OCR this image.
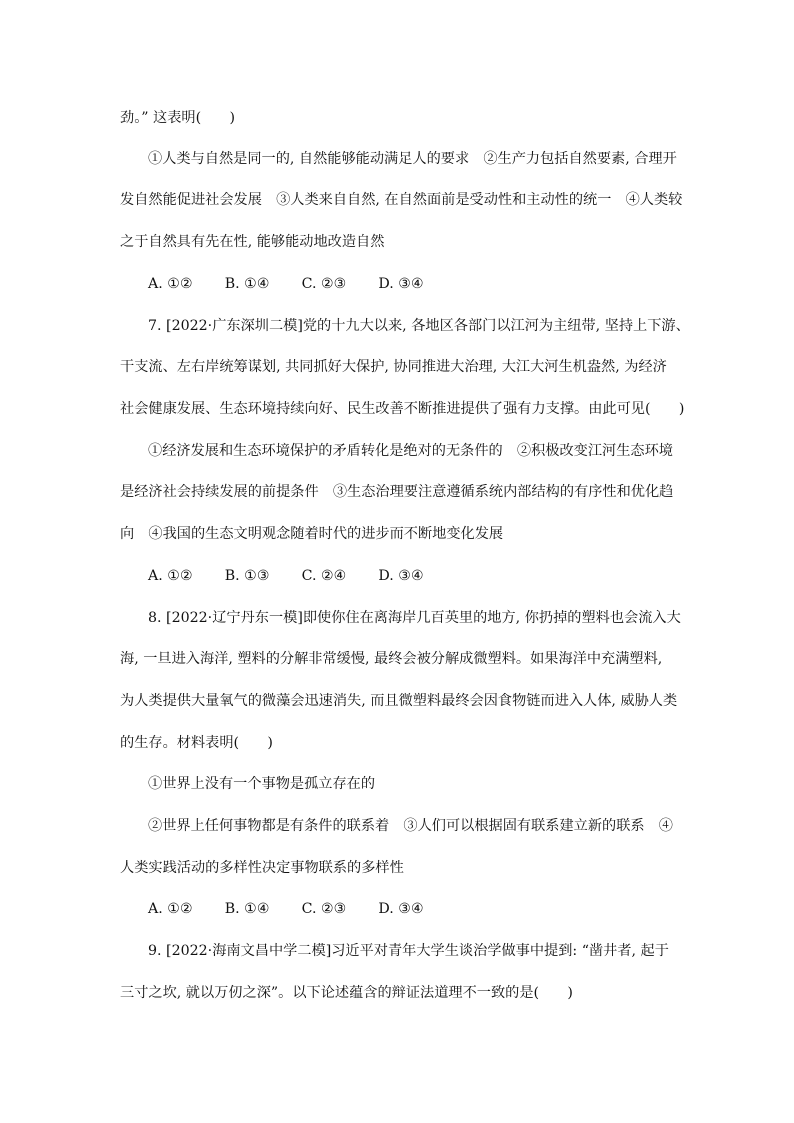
劲。” 这表明(　　)
①人类与自然是同一的, 自然能够能动满足人的要求　②生产力包括自然要素, 合理开
发自然能促进社会发展　③人类来自自然, 在自然面前是受动性和主动性的统一　④人类较
之于自然具有先在性, 能够能动地改造自然
A. ①② B. ①④ C. ②③ D. ③④
7. [2022·广东深圳二模]党的十九大以来, 各地区各部门以江河为主纽带, 坚持上下游、
干支流、左右岸统筹谋划, 共同抓好大保护, 协同推进大治理, 大江大河生机盎然, 为经济
社会健康发展、生态环境持续向好、民生改善不断推进提供了强有力支撑。由此可见(　　)
①经济发展和生态环境保护的矛盾转化是绝对的无条件的　②积极改变江河生态环境
是经济社会持续发展的前提条件　③生态治理要注意遵循系统内部结构的有序性和优化趋
向　④我国的生态文明观念随着时代的进步而不断地变化发展
A. ①② B. ①③ C. ②④ D. ③④
8. [2022·辽宁丹东一模]即使你住在离海岸几百英里的地方, 你扔掉的塑料也会流入大
海, 一旦进入海洋, 塑料的分解非常缓慢, 最终会被分解成微塑料。如果海洋中充满塑料,
为人类提供大量氧气的微藻会迅速消失, 而且微塑料最终会因食物链而进入人体, 威胁人类
的生存。材料表明(　　)
①世界上没有一个事物是孤立存在的
②世界上任何事物都是有条件的联系着　③人们可以根据固有联系建立新的联系　④
人类实践活动的多样性决定事物联系的多样性
A. ①② B. ①④ C. ②③ D. ③④
9. [2022·海南文昌中学二模]习近平对青年大学生谈治学做事中提到: “凿井者, 起于
三寸之坎, 就以万仞之深”。以下论述蕴含的辩证法道理不一致的是(　　)
